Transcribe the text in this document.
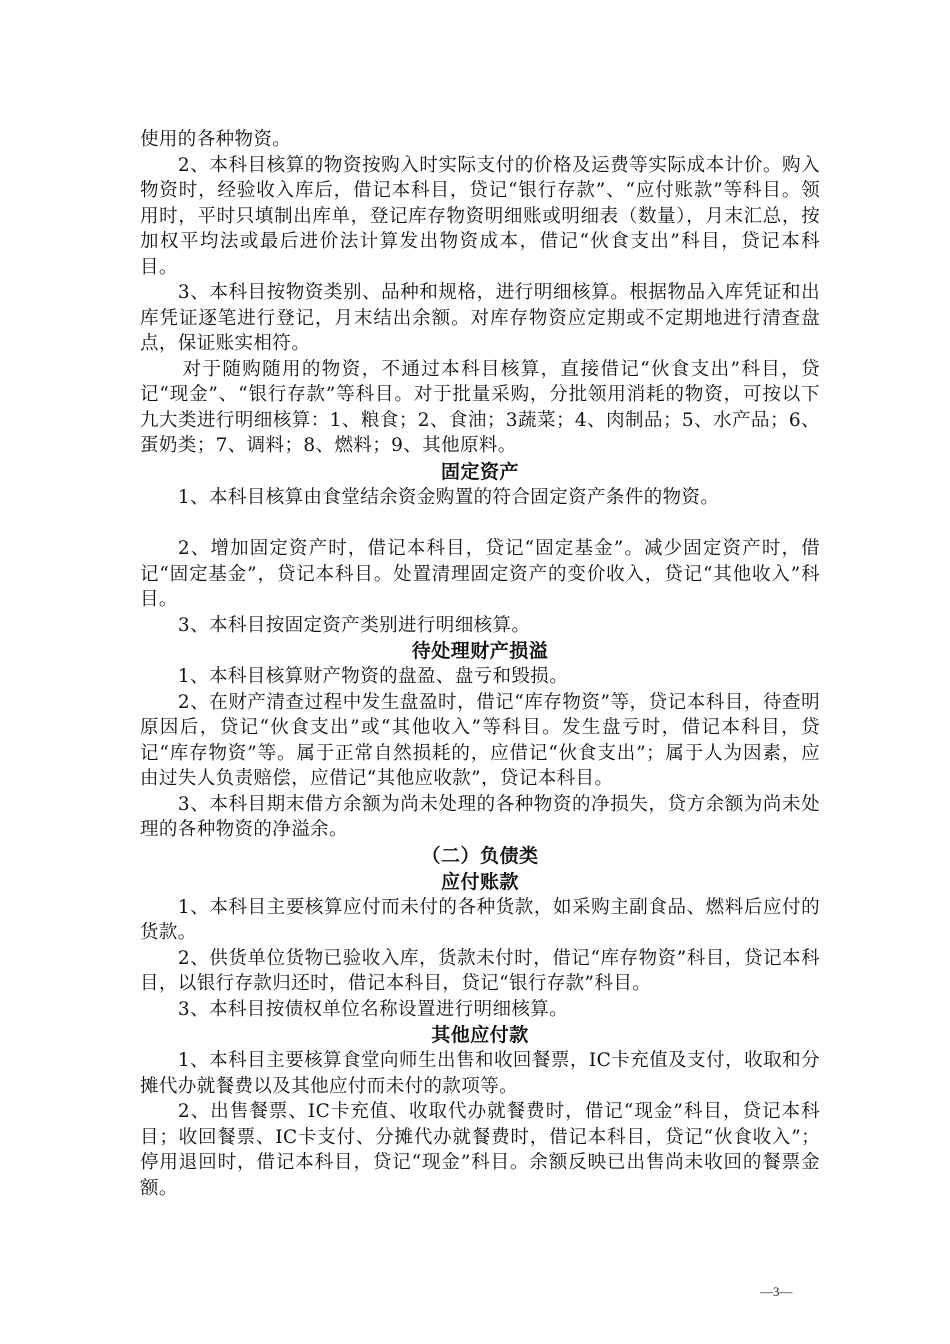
使用的各种物资。

2、本科目核算的物资按购入时实际支付的价格及运费等实际成本计价。购入物资时，经验收入库后，借记本科目，贷记“银行存款”、“应付账款”等科目。领用时，平时只填制出库单，登记库存物资明细账或明细表（数量），月末汇总，按加权平均法或最后进价法计算发出物资成本，借记“伙食支出”科目，贷记本科目。

3、本科目按物资类别、品种和规格，进行明细核算。根据物品入库凭证和出库凭证逐笔进行登记，月末结出余额。对库存物资应定期或不定期地进行清查盘点，保证账实相符。

对于随购随用的物资，不通过本科目核算，直接借记“伙食支出”科目，贷记“现金”、“银行存款”等科目。对于批量采购，分批领用消耗的物资，可按以下九大类进行明细核算：1、粮食；2、食油；3蔬菜；4、肉制品；5、水产品；6、蛋奶类；7、调料；8、燃料；9、其他原料。

固定资产

1、本科目核算由食堂结余资金购置的符合固定资产条件的物资。

2、增加固定资产时，借记本科目，贷记“固定基金”。减少固定资产时，借记“固定基金”，贷记本科目。处置清理固定资产的变价收入，贷记“其他收入”科目。

3、本科目按固定资产类别进行明细核算。

待处理财产损溢

1、本科目核算财产物资的盘盈、盘亏和毁损。

2、在财产清查过程中发生盘盈时，借记“库存物资”等，贷记本科目，待查明原因后，贷记“伙食支出”或“其他收入”等科目。发生盘亏时，借记本科目，贷记“库存物资”等。属于正常自然损耗的，应借记“伙食支出”；属于人为因素，应由过失人负责赔偿，应借记“其他应收款”，贷记本科目。

3、本科目期末借方余额为尚未处理的各种物资的净损失，贷方余额为尚未处理的各种物资的净溢余。

（二）负债类

应付账款

1、本科目主要核算应付而未付的各种货款，如采购主副食品、燃料后应付的货款。

2、供货单位货物已验收入库，货款未付时，借记“库存物资”科目，贷记本科目，以银行存款归还时，借记本科目，贷记“银行存款”科目。

3、本科目按债权单位名称设置进行明细核算。

其他应付款

1、本科目主要核算食堂向师生出售和收回餐票，IC卡充值及支付，收取和分摊代办就餐费以及其他应付而未付的款项等。

2、出售餐票、IC卡充值、收取代办就餐费时，借记“现金”科目，贷记本科目；收回餐票、IC卡支付、分摊代办就餐费时，借记本科目，贷记“伙食收入”；停用退回时，借记本科目，贷记“现金”科目。余额反映已出售尚未收回的餐票金额。

—3—
